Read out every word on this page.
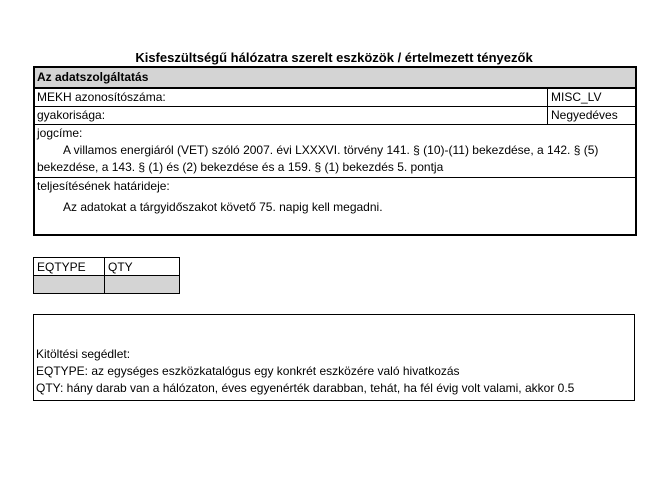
Kisfeszültségű hálózatra szerelt eszközök / értelmezett tényezők
Az adatszolgáltatás
MEKH azonosítószáma:	MISC_LV
gyakorisága:	Negyedéves
jogcíme:
A villamos energiáról (VET) szóló 2007. évi LXXXVI. törvény 141. § (10)-(11) bekezdése, a 142. § (5)
bekezdése, a 143. § (1) és (2) bekezdése és a 159. § (1) bekezdés 5. pontja
teljesítésének határideje:
Az adatokat a tárgyidőszakot követő 75. napig kell megadni.
EQTYPE	QTY

Kitöltési segédlet:
EQTYPE: az egységes eszközkatalógus egy konkrét eszközére való hivatkozás
QTY: hány darab van a hálózaton, éves egyenérték darabban, tehát, ha fél évig volt valami, akkor 0.5
